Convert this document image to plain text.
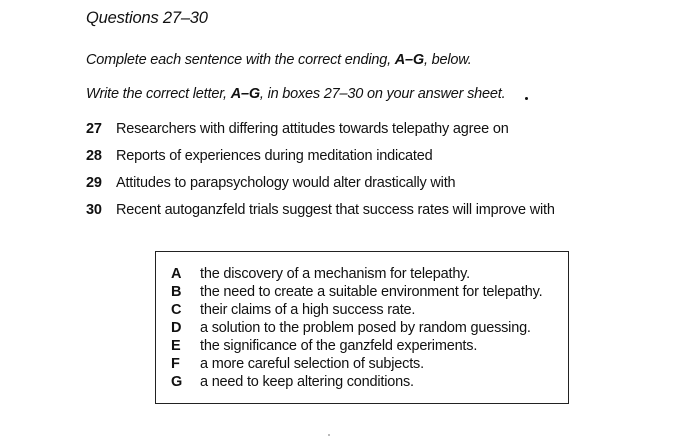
Questions 27–30
Complete each sentence with the correct ending, A–G, below.
Write the correct letter, A–G, in boxes 27–30 on your answer sheet.
27 Researchers with differing attitudes towards telepathy agree on
28 Reports of experiences during meditation indicated
29 Attitudes to parapsychology would alter drastically with
30 Recent autoganzfeld trials suggest that success rates will improve with
A	the discovery of a mechanism for telepathy.
B	the need to create a suitable environment for telepathy.
C	their claims of a high success rate.
D	a solution to the problem posed by random guessing.
E	the significance of the ganzfeld experiments.
F	a more careful selection of subjects.
G	a need to keep altering conditions.
